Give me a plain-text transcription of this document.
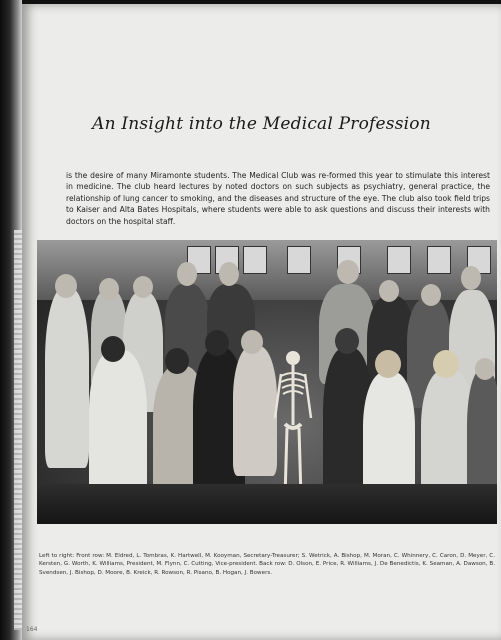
An Insight into the Medical Profession
is the desire of many Miramonte students. The Medical Club was re-formed this year to stimulate this interest in medicine. The club heard lectures by noted doctors on such subjects as psychiatry, general practice, the relationship of lung cancer to smoking, and the diseases and structure of the eye. The club also took field trips to Kaiser and Alta Bates Hospitals, where students were able to ask questions and discuss their interests with doctors on the hospital staff.
Left to right: Front row: M. Eldred, L. Tombras, K. Hartwell, M. Kooyman, Secretary-Treasurer; S. Wetrick, A. Bishop, M. Moran, C. Whinnery, C. Caron, D. Meyer, C. Kersten, G. Worth, K. Williams, President, M. Flynn, C. Cutting, Vice-president. Back row: D. Olson, E. Price, R. Williams, J. De Benedictis, K. Seaman, A. Dawson, B. Svendsen, J. Bishop, D. Moore, B. Kreick, R. Rowson, R. Pisano, B. Hogan, J. Bowers.
164
